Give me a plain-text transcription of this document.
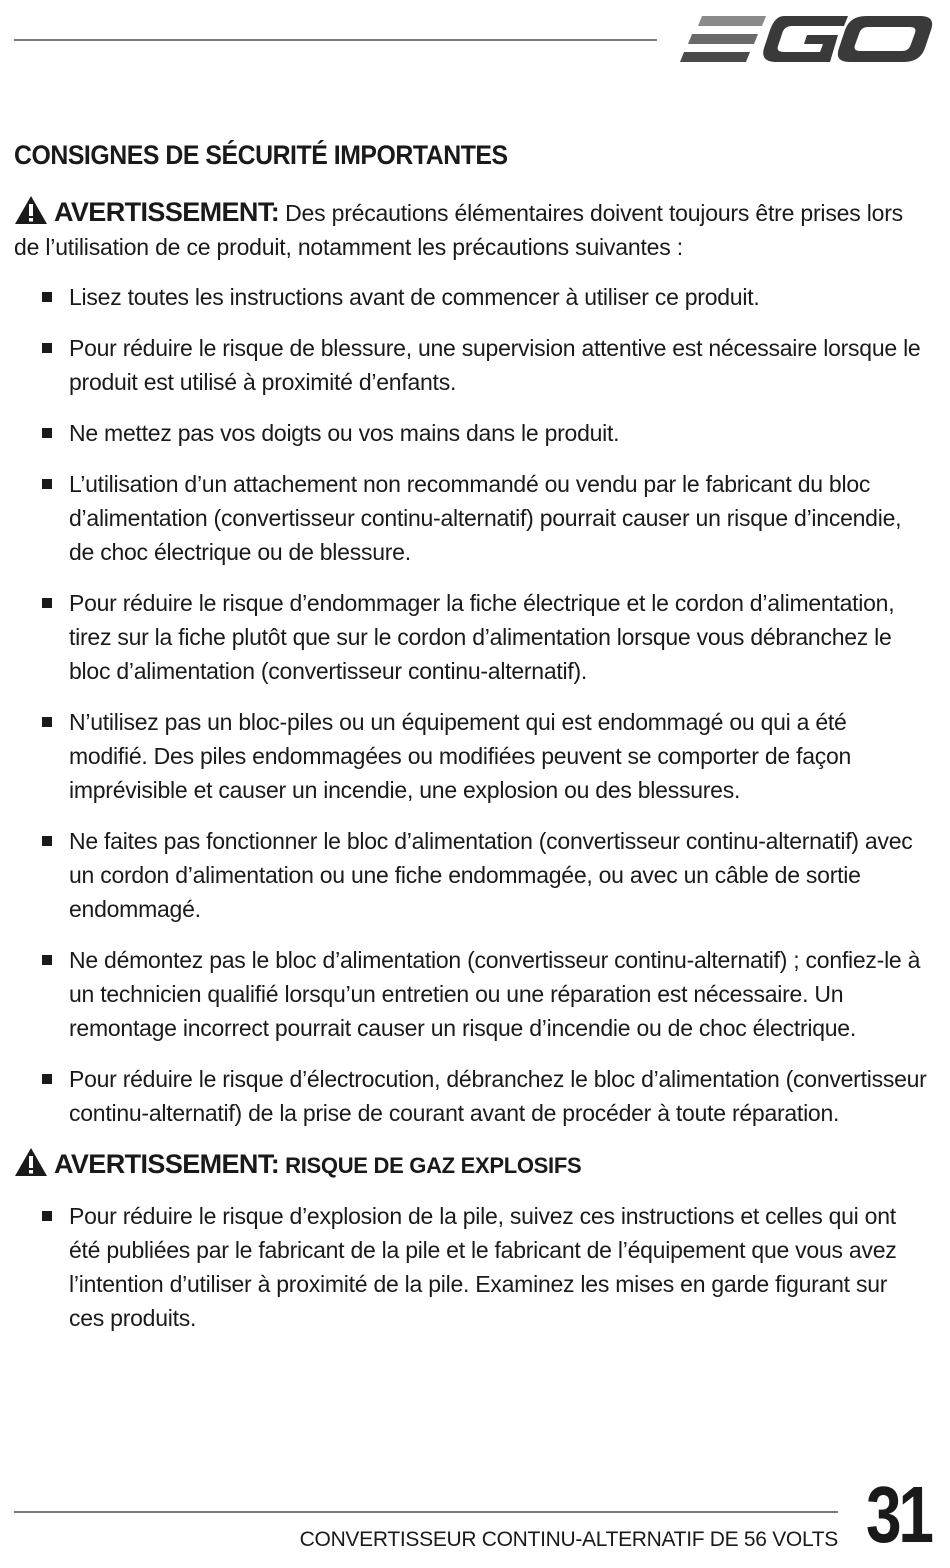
CONSIGNES DE SÉCURITÉ IMPORTANTES
AVERTISSEMENT: Des précautions élémentaires doivent toujours être prises lors de l’utilisation de ce produit, notamment les précautions suivantes :
Lisez toutes les instructions avant de commencer à utiliser ce produit.
Pour réduire le risque de blessure, une supervision attentive est nécessaire lorsque le produit est utilisé à proximité d’enfants.
Ne mettez pas vos doigts ou vos mains dans le produit.
L’utilisation d’un attachement non recommandé ou vendu par le fabricant du bloc d’alimentation (convertisseur continu-alternatif) pourrait causer un risque d’incendie, de choc électrique ou de blessure.
Pour réduire le risque d’endommager la fiche électrique et le cordon d’alimentation, tirez sur la fiche plutôt que sur le cordon d’alimentation lorsque vous débranchez le bloc d’alimentation (convertisseur continu-alternatif).
N’utilisez pas un bloc-piles ou un équipement qui est endommagé ou qui a été modifié. Des piles endommagées ou modifiées peuvent se comporter de façon imprévisible et causer un incendie, une explosion ou des blessures.
Ne faites pas fonctionner le bloc d’alimentation (convertisseur continu-alternatif) avec un cordon d’alimentation ou une fiche endommagée, ou avec un câble de sortie endommagé.
Ne démontez pas le bloc d’alimentation (convertisseur continu-alternatif) ; confiez-le à un technicien qualifié lorsqu’un entretien ou une réparation est nécessaire. Un remontage incorrect pourrait causer un risque d’incendie ou de choc électrique.
Pour réduire le risque d’électrocution, débranchez le bloc d’alimentation (convertisseur continu-alternatif) de la prise de courant avant de procéder à toute réparation.
AVERTISSEMENT: RISQUE DE GAZ EXPLOSIFS
Pour réduire le risque d’explosion de la pile, suivez ces instructions et celles qui ont été publiées par le fabricant de la pile et le fabricant de l’équipement que vous avez l’intention d’utiliser à proximité de la pile. Examinez les mises en garde figurant sur ces produits.
CONVERTISSEUR CONTINU-ALTERNATIF DE 56 VOLTS 31
